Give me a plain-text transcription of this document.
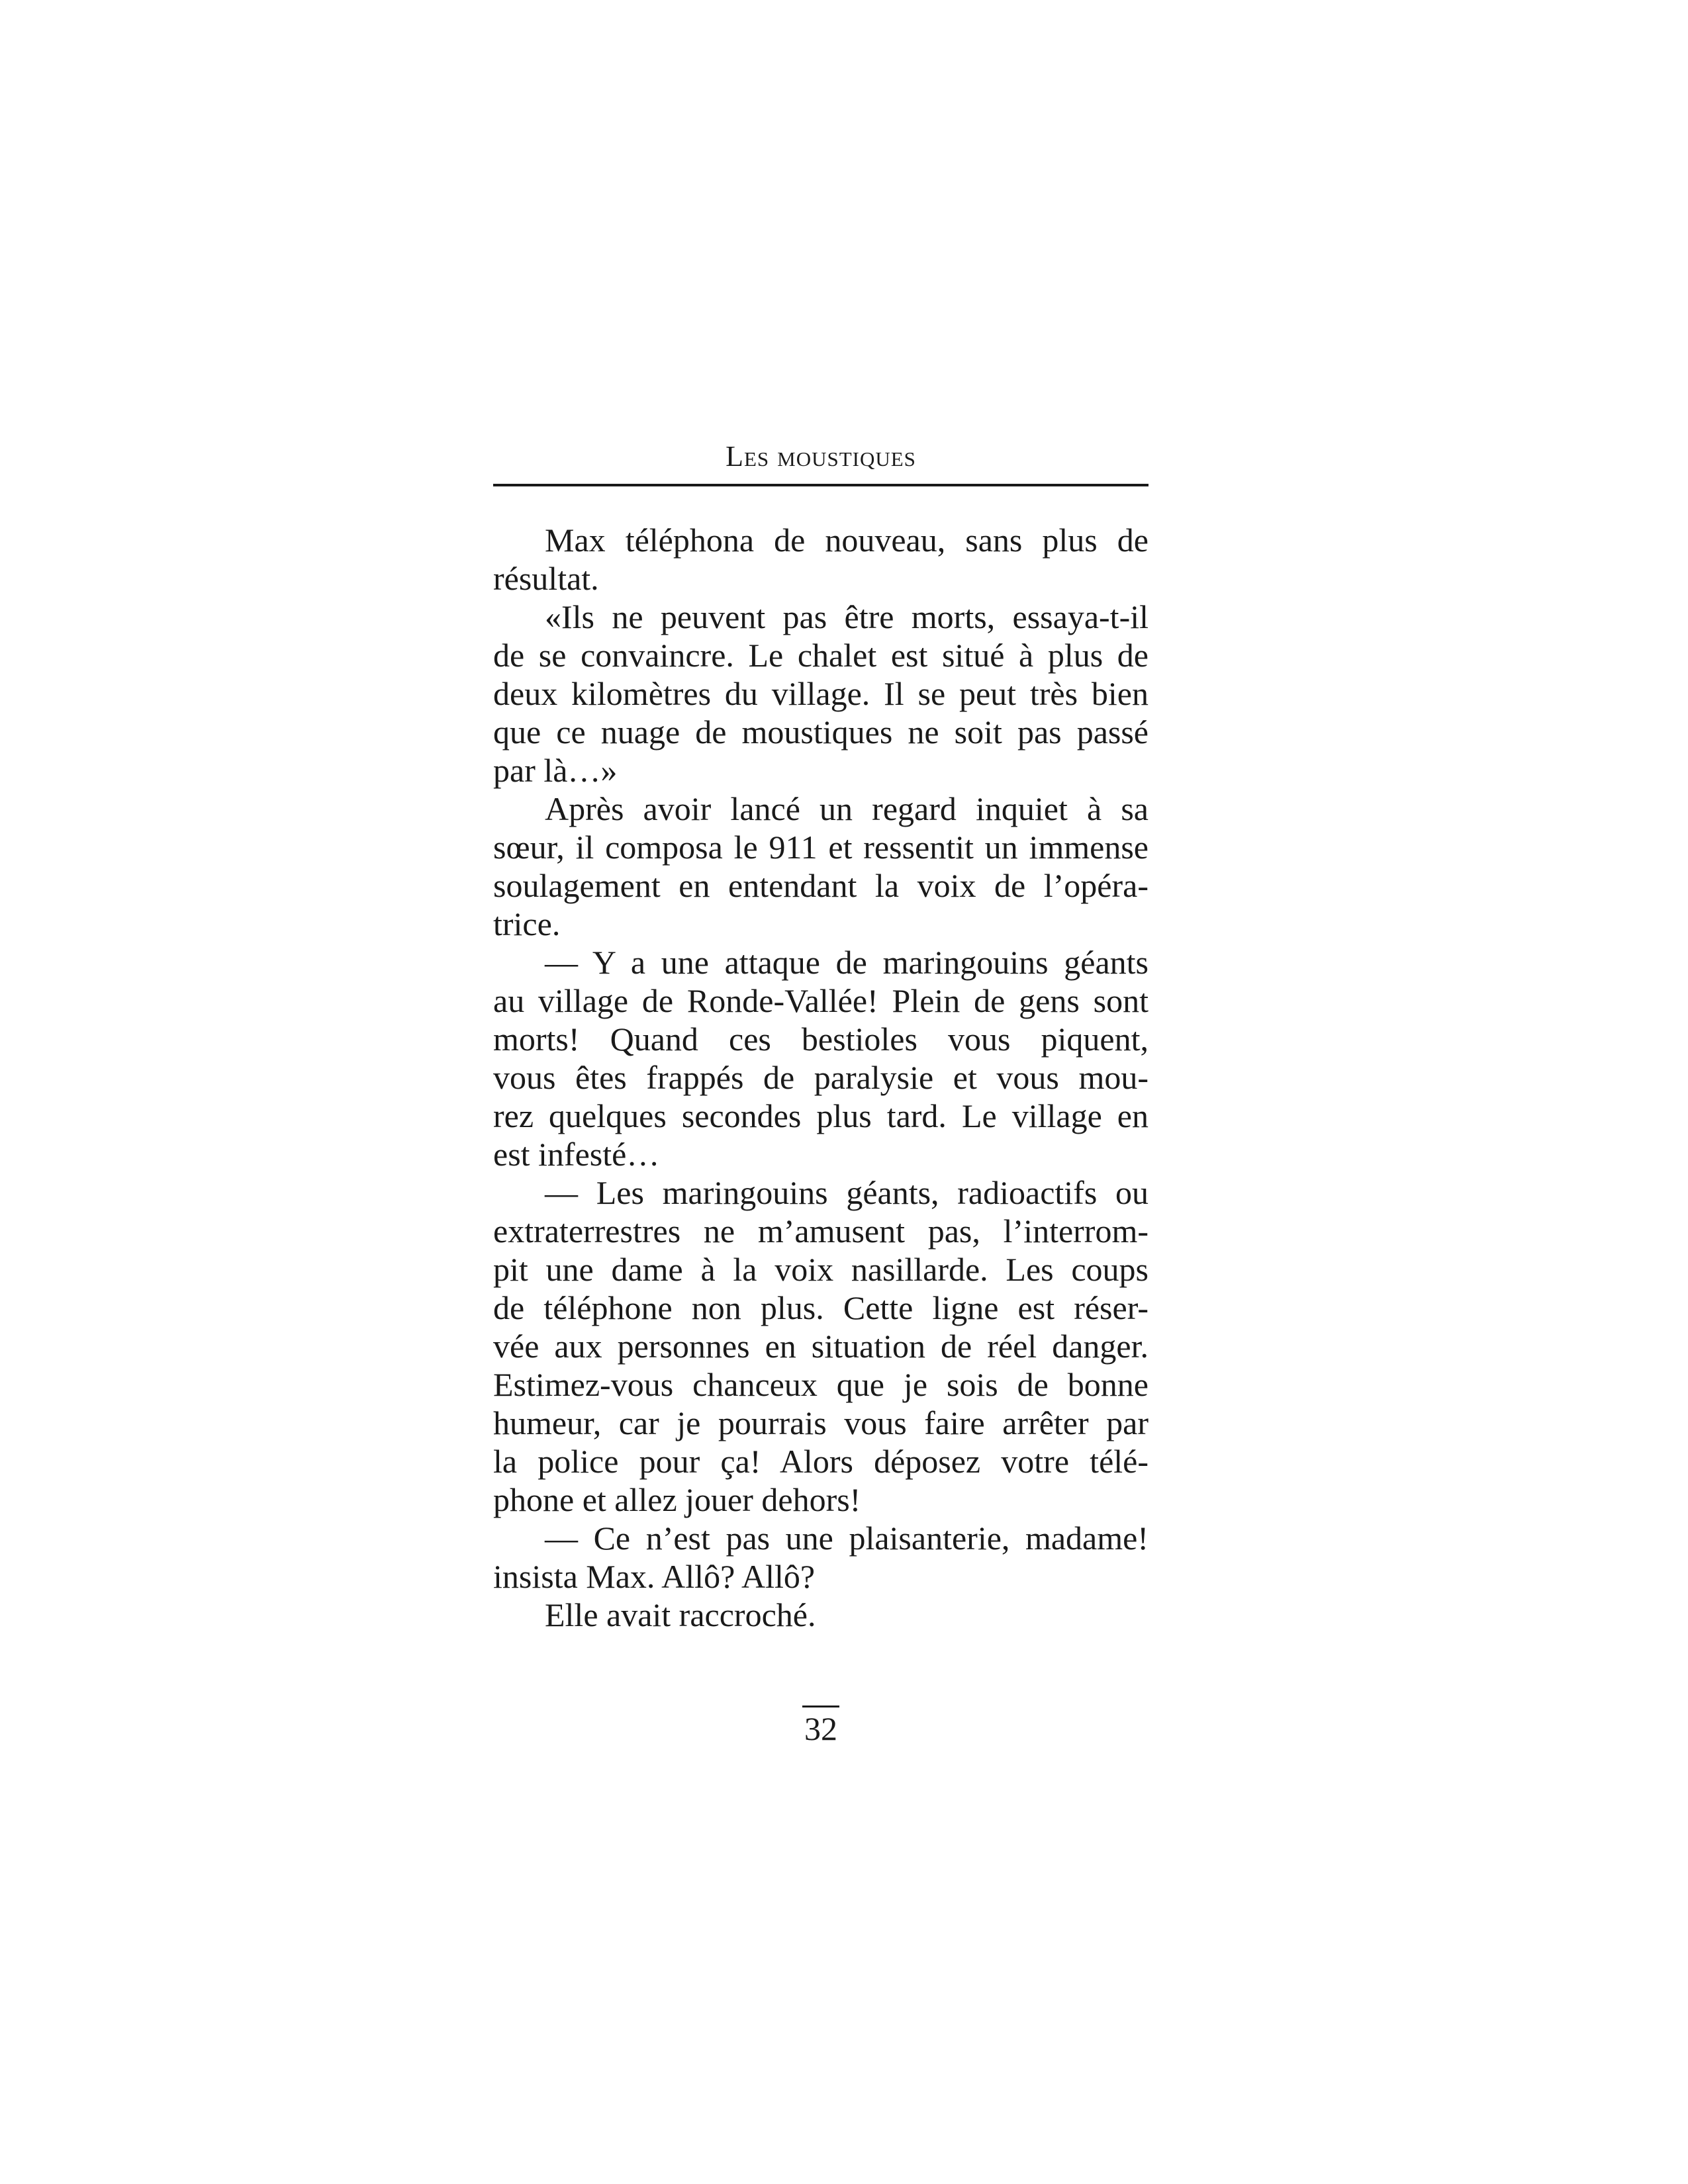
Les moustiques
Max téléphona de nouveau, sans plus de
résultat.
«Ils ne peuvent pas être morts, essaya-t-il
de se convaincre. Le chalet est situé à plus de
deux kilomètres du village. Il se peut très bien
que ce nuage de moustiques ne soit pas passé
par là…»
Après avoir lancé un regard inquiet à sa
sœur, il composa le 911 et ressentit un immense
soulagement en entendant la voix de l’opéra-
trice.
— Y a une attaque de maringouins géants
au village de Ronde-Vallée! Plein de gens sont
morts! Quand ces bestioles vous piquent,
vous êtes frappés de paralysie et vous mou-
rez quelques secondes plus tard. Le village en
est infesté…
— Les maringouins géants, radioactifs ou
extraterrestres ne m’amusent pas, l’interrom-
pit une dame à la voix nasillarde. Les coups
de téléphone non plus. Cette ligne est réser-
vée aux personnes en situation de réel danger.
Estimez-vous chanceux que je sois de bonne
humeur, car je pourrais vous faire arrêter par
la police pour ça! Alors déposez votre télé-
phone et allez jouer dehors!
— Ce n’est pas une plaisanterie, madame!
insista Max. Allô? Allô?
Elle avait raccroché.
32
